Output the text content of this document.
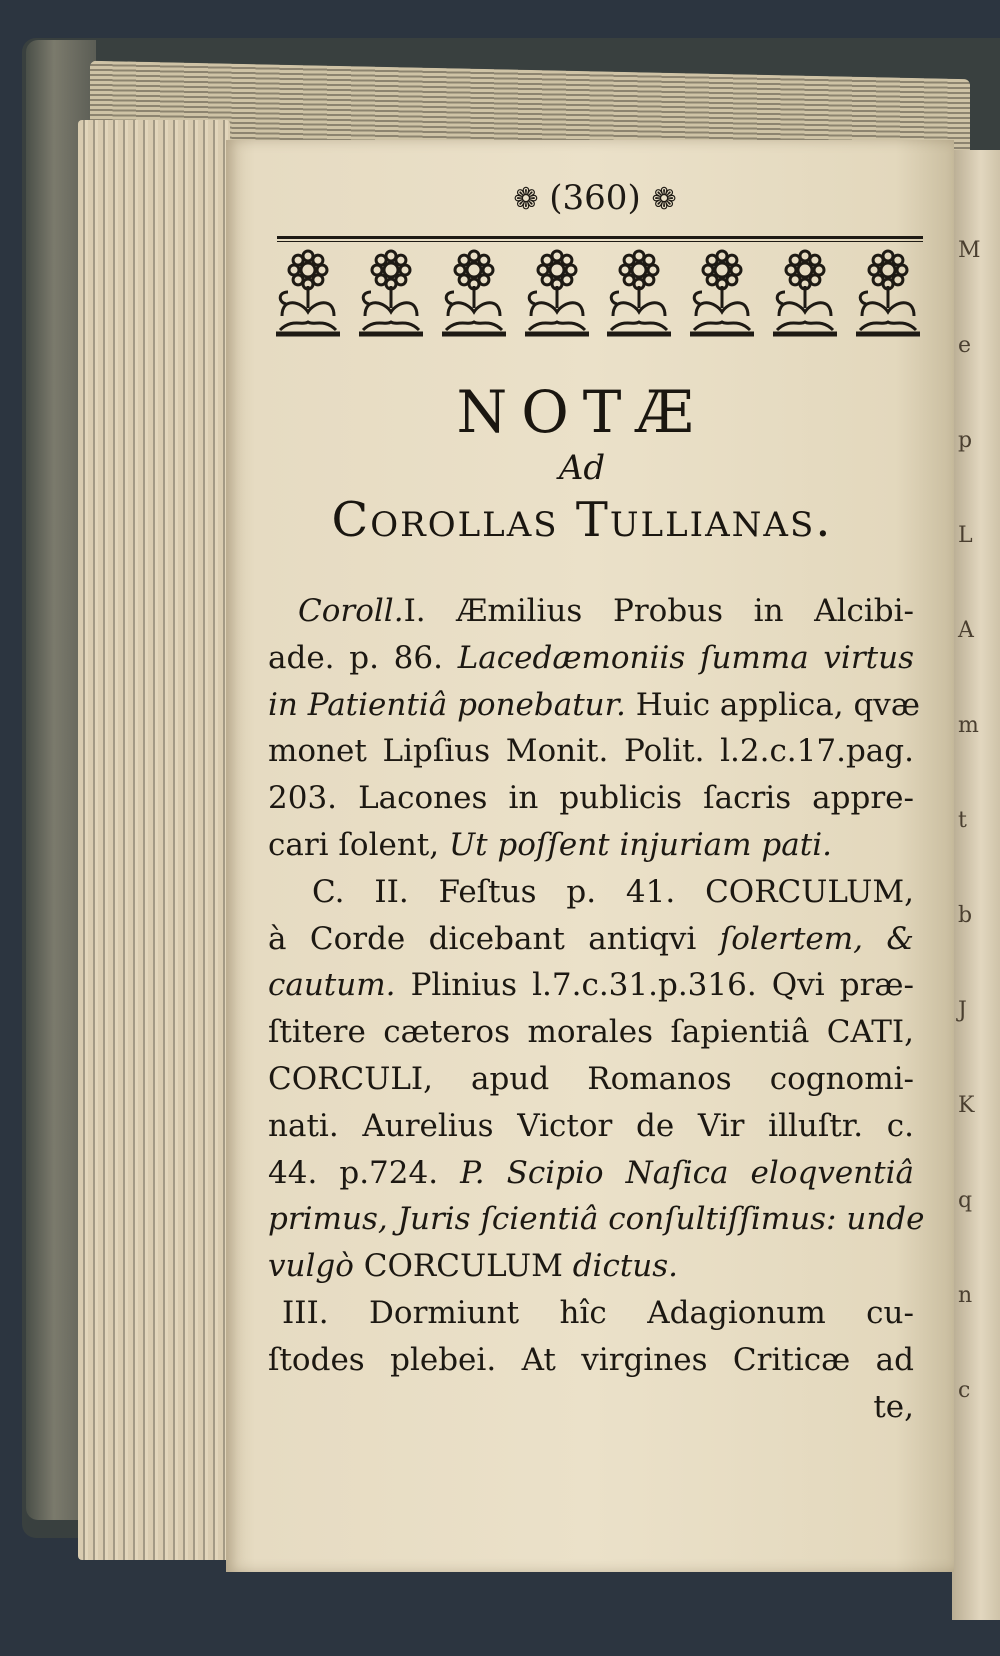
M
e
p
L
A
m
t
b
J
K
q
n
c
❁ (360) ❁
NOTÆ
Ad
Corollas Tullianas.
Coroll.I. Æmilius Probus in Alcibi-
ade. p. 86. Lacedæmoniis ſumma virtus
in Patientiâ ponebatur. Huic applica, qvæ
monet Lipſius Monit. Polit. l.2.c.17.pag.
203. Lacones in publicis ſacris appre-
cari ſolent, Ut poſſent injuriam pati.
C. II. Feſtus p. 41. CORCULUM,
à Corde dicebant antiqvi ſolertem, &
cautum. Plinius l.7.c.31.p.316. Qvi præ-
ſtitere cæteros morales ſapientiâ CATI,
CORCULI, apud Romanos cognomi-
nati. Aurelius Victor de Vir illuſtr. c.
44. p.724. P. Scipio Naſica eloqventiâ
primus, Juris ſcientiâ conſultiſſimus: unde
vulgò CORCULUM dictus.
III. Dormiunt hîc Adagionum cu-
ſtodes plebei. At virgines Criticæ ad
te,
